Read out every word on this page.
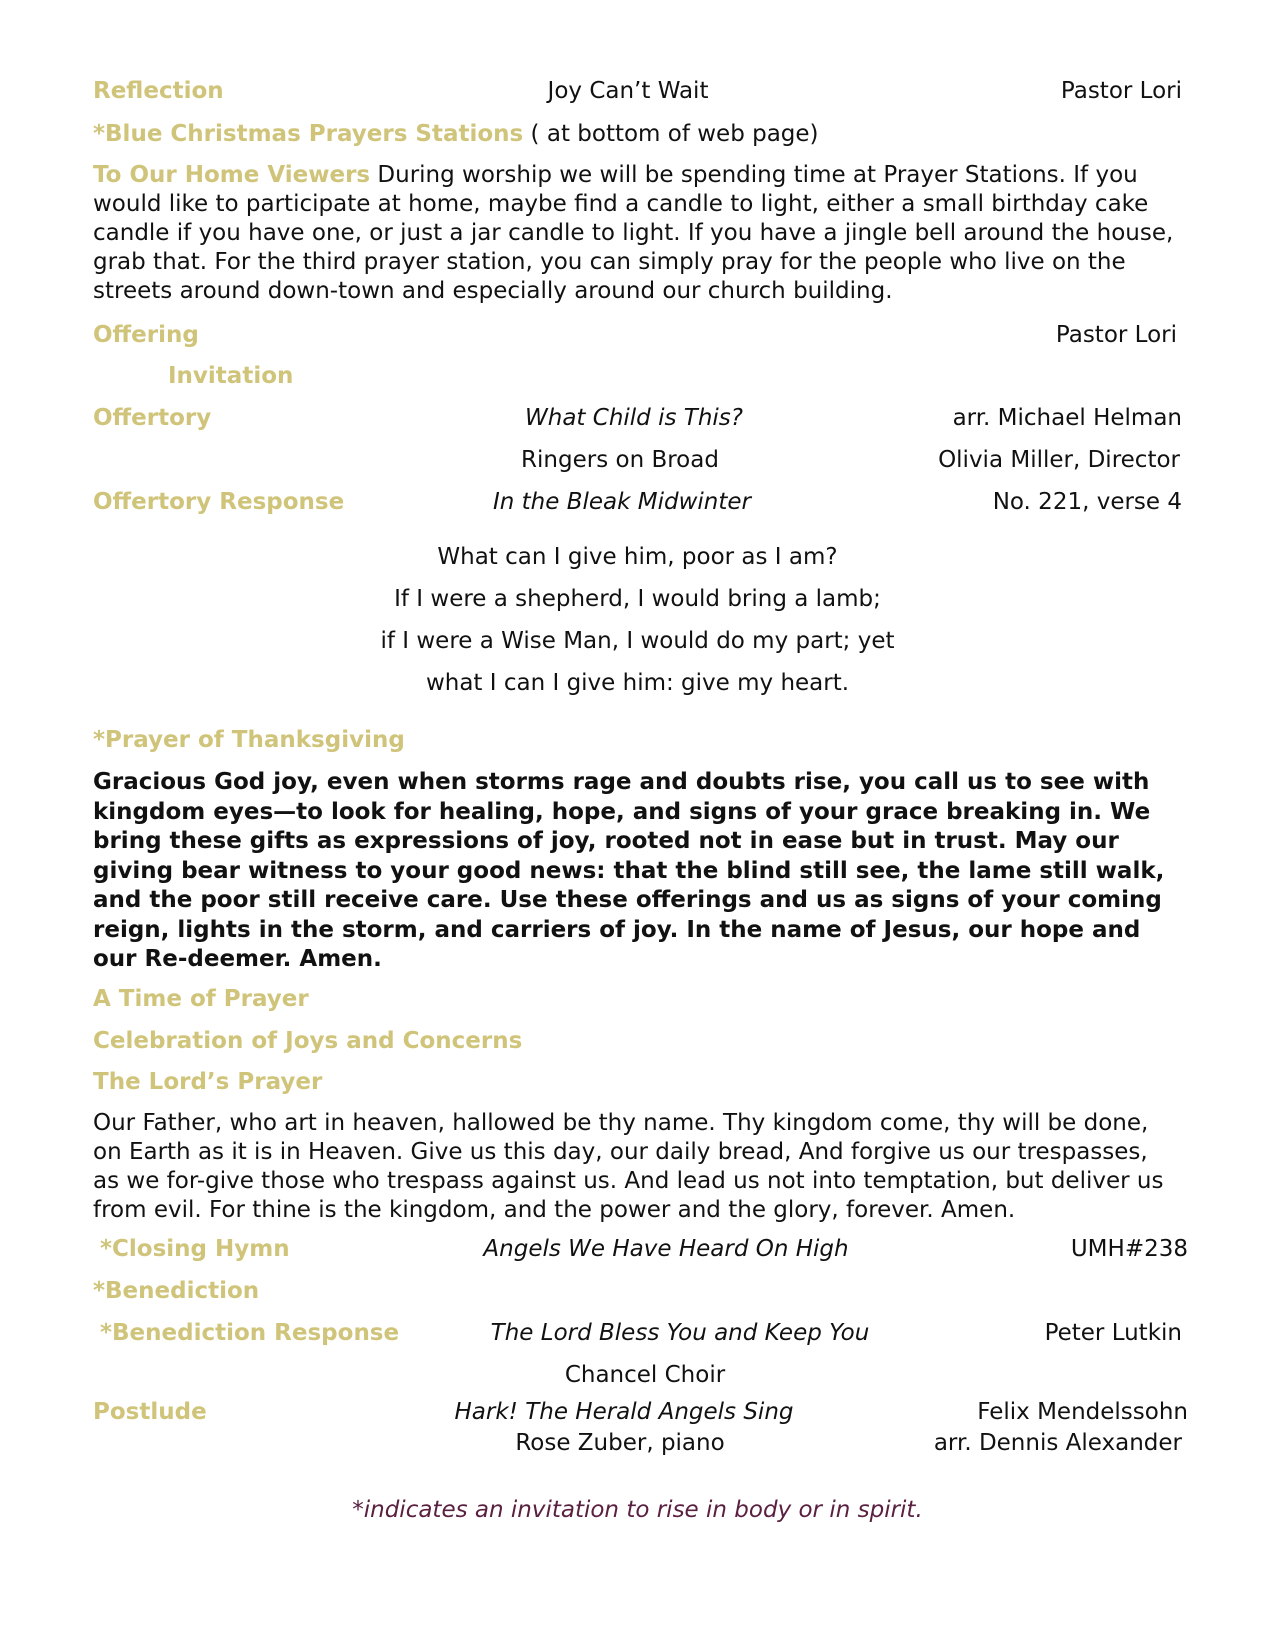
Reflection	Joy Can’t Wait	Pastor Lori
*Blue Christmas Prayers Stations ( at bottom of web page)
To Our Home Viewers During worship we will be spending time at Prayer Stations. If you would like to participate at home, maybe find a candle to light, either a small birthday cake candle if you have one, or just a jar candle to light. If you have a jingle bell around the house, grab that. For the third prayer station, you can simply pray for the people who live on the streets around down-town and especially around our church building.
Offering	Pastor Lori
Invitation
Offertory	What Child is This?	arr. Michael Helman
Ringers on Broad	Olivia Miller, Director
Offertory Response	In the Bleak Midwinter	No. 221, verse 4
What can I give him, poor as I am?
If I were a shepherd, I would bring a lamb;
if I were a Wise Man, I would do my part; yet
what I can I give him: give my heart.
*Prayer of Thanksgiving
Gracious God joy, even when storms rage and doubts rise, you call us to see with kingdom eyes—to look for healing, hope, and signs of your grace breaking in. We bring these gifts as expressions of joy, rooted not in ease but in trust. May our giving bear witness to your good news: that the blind still see, the lame still walk, and the poor still receive care. Use these offerings and us as signs of your coming reign, lights in the storm, and carriers of joy. In the name of Jesus, our hope and our Re-deemer. Amen.
A Time of Prayer
Celebration of Joys and Concerns
The Lord’s Prayer
Our Father, who art in heaven, hallowed be thy name. Thy kingdom come, thy will be done, on Earth as it is in Heaven. Give us this day, our daily bread, And forgive us our trespasses, as we for-give those who trespass against us. And lead us not into temptation, but deliver us from evil. For thine is the kingdom, and the power and the glory, forever. Amen.
*Closing Hymn	Angels We Have Heard On High	UMH#238
*Benediction
*Benediction Response	The Lord Bless You and Keep You	Peter Lutkin
Chancel Choir
Postlude	Hark! The Herald Angels Sing	Felix Mendelssohn
Rose Zuber, piano	arr. Dennis Alexander
*indicates an invitation to rise in body or in spirit.
